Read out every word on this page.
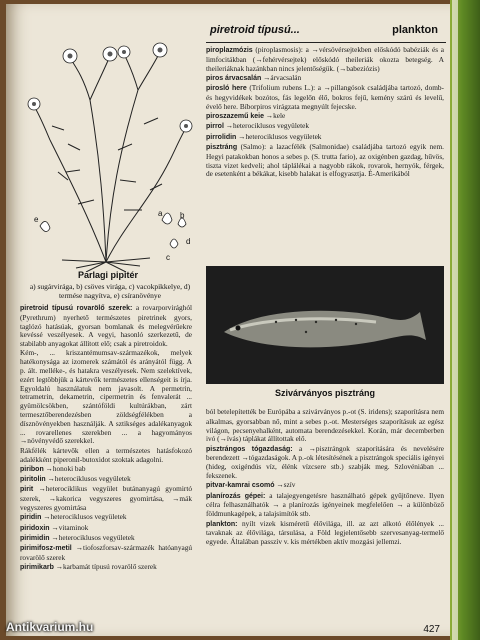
piretroid típusú...	plankton
a b
c
d
e
Parlagi pipitér
a) sugárvirága, b) csöves virága, c) vacokpikkelye, d) termése nagyítva, e) csíranövénye

piretroid típusú rovarölő szerek: a rovarporvirághól (Pyrethrum) nyerhető természetes piretrinek gyors, taglózó hatásúak, gyorsan bomlanak és melegvérűekre kevéssé veszélyesek. A vegyi, hasonló szerkezetű, de stabilabb anyagokat állított elő; csak a piretroidok.

Kém-, ... kriszantémumsav-származékok, melyek hatékonysága az izomerek számától és arányától függ. A p. ált. melléke-, és hatakra veszélyesek. Nem szelektívek, ezért legtöbbjük a kártevők természetes ellenségeit is írja. Egyoldalú használatuk nem javasolt. A permetrin, tetrametrin, dekametrin, cipermetrin és fenvalerát ... gyümölcsökben, szántóföldi kultúrákban, zárt termesztőberendezésben zöldségfélékben a dísznövényekben használják. A sztikséges adalékanyagok ... rovarellenes szerekben ... a hagyományos →növényvédő szerekkel.

Rákfélék kártevők ellen a természetes hatásfokozó adalékként piperonil-butoxidot szoktak adagolni.

piribon →honoki bab

piritolin →heterociklusos vegyületek

pirit →heterociklikus vegyület butánanyagú gyomirtó szerek, →kakorica vegyszeres gyomirtása, →mák vegyszeres gyomirtása

piridin →heterociklusos vegyületek

piridoxin →vitaminok

pirimidin →heterociklusos vegyületek

pirimifosz-metil →tiofoszforsav-származék hatóanyagú rovarölő szerek

pirimikarb →karbamát típusú rovarölő szerek

piroplazmózis (piroplasmosis): a →vérsövérsejtekben előskódó babéziák és a limfocitákban (→fehérvérsejtek) előskódó theileriák okozta betegség. A theileriáknak hazánkban nincs jelentőségük. (→babeziózis)

piros árvacsalán →árvacsalán

pirosló here (Trifolium rubens L.): a →pillangósok családjába tartozó, domb- és hegyvidékek bozótos, fás legelőn élő, bokros fejű, kemény szárú és levelű, évelő here. Bíborpiros virágzata megnyúlt fejecske.

piroszazemű keie →kele

pirrol →heterociklusos vegyületek

pirrolidin →heterociklusos vegyületek

pisztráng (Salmo): a lazacfélék (Salmonidae) családjába tartozó egyik nem. Hegyi patakokban honos a sebes p. (S. trutta fario), az oxigénben gazdag, hűvös, tiszta vizet kedveli; ahol táplálékai a nagyobb rákok, rovarok, hernyók, férgek, de esetenként a békákat, kisebb halakat is elfogyasztja. É-Amerikából

Szivárványos pisztráng

ból betelepítették be Európába a szivárványos p.-ot (S. iridens); szaporításra nem alkalmas, gyorsabban nő, mint a sebes p.-ot. Mesterséges szaporításuk az egész világon, pecsenyehalként, automata berendezésekkel. Korán, már decemberben ivó (→ívás) táplákat állítottak elő.

pisztrángos tógazdaság: a →pisztrángok szaporítására és nevelésére berendezett →tógazdaságok. A p.-ok létesítésének a pisztrángok speciális igényei (hideg, oxigéndús víz, élénk vízcsere stb.) szabják meg. Szlovéniában ... fekszenek.

pitvar-kamrai csomó →szív

planírozás gépei: a talajegyengetésre használható gépek gyűjtőneve. Ilyen célra felhasználhatók → a planírozás igényeinek megfelelően → a különböző földmunkagépek, a talajsimítók stb.

plankton: nyílt vizek kisméretű élővilága, ill. az azt alkotó élőlények ... tavaknak az élővilága, társulása, a Föld legjelentősebb szervesanyag-termelő egyede. Általában passzív v. kis mértékben aktív mozgási jellemzi.

427
Antikvarium.hu
